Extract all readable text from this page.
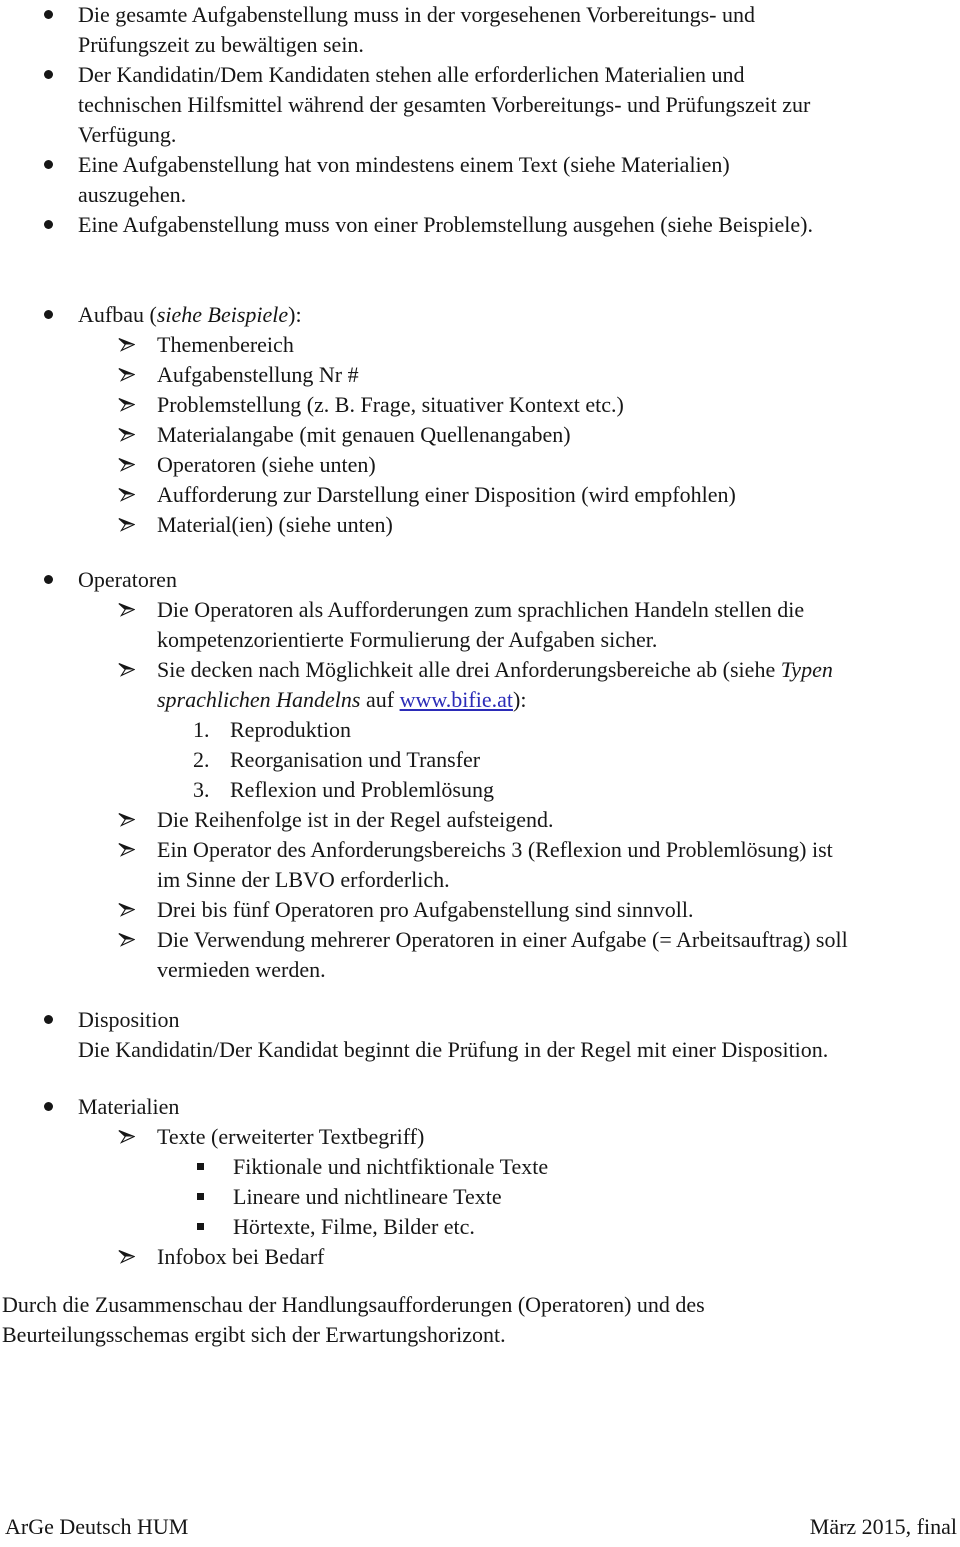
Die gesamte Aufgabenstellung muss in der vorgesehenen Vorbereitungs- und
Prüfungszeit zu bewältigen sein.
Der Kandidatin/Dem Kandidaten stehen alle erforderlichen Materialien und
technischen Hilfsmittel während der gesamten Vorbereitungs- und Prüfungszeit zur
Verfügung.
Eine Aufgabenstellung hat von mindestens einem Text (siehe Materialien)
auszugehen.
Eine Aufgabenstellung muss von einer Problemstellung ausgehen (siehe Beispiele).
Aufbau (siehe Beispiele):
Themenbereich
Aufgabenstellung Nr #
Problemstellung (z. B. Frage, situativer Kontext etc.)
Materialangabe (mit genauen Quellenangaben)
Operatoren (siehe unten)
Aufforderung zur Darstellung einer Disposition (wird empfohlen)
Material(ien) (siehe unten)
Operatoren
Die Operatoren als Aufforderungen zum sprachlichen Handeln stellen die
kompetenzorientierte Formulierung der Aufgaben sicher.
Sie decken nach Möglichkeit alle drei Anforderungsbereiche ab (siehe Typen
sprachlichen Handelns auf www.bifie.at):
1. Reproduktion
2. Reorganisation und Transfer
3. Reflexion und Problemlösung
Die Reihenfolge ist in der Regel aufsteigend.
Ein Operator des Anforderungsbereichs 3 (Reflexion und Problemlösung) ist
im Sinne der LBVO erforderlich.
Drei bis fünf Operatoren pro Aufgabenstellung sind sinnvoll.
Die Verwendung mehrerer Operatoren in einer Aufgabe (= Arbeitsauftrag) soll
vermieden werden.
Disposition
Die Kandidatin/Der Kandidat beginnt die Prüfung in der Regel mit einer Disposition.
Materialien
Texte (erweiterter Textbegriff)
Fiktionale und nichtfiktionale Texte
Lineare und nichtlineare Texte
Hörtexte, Filme, Bilder etc.
Infobox bei Bedarf
Durch die Zusammenschau der Handlungsaufforderungen (Operatoren) und des
Beurteilungsschemas ergibt sich der Erwartungshorizont.
ArGe Deutsch HUM	März 2015, final
